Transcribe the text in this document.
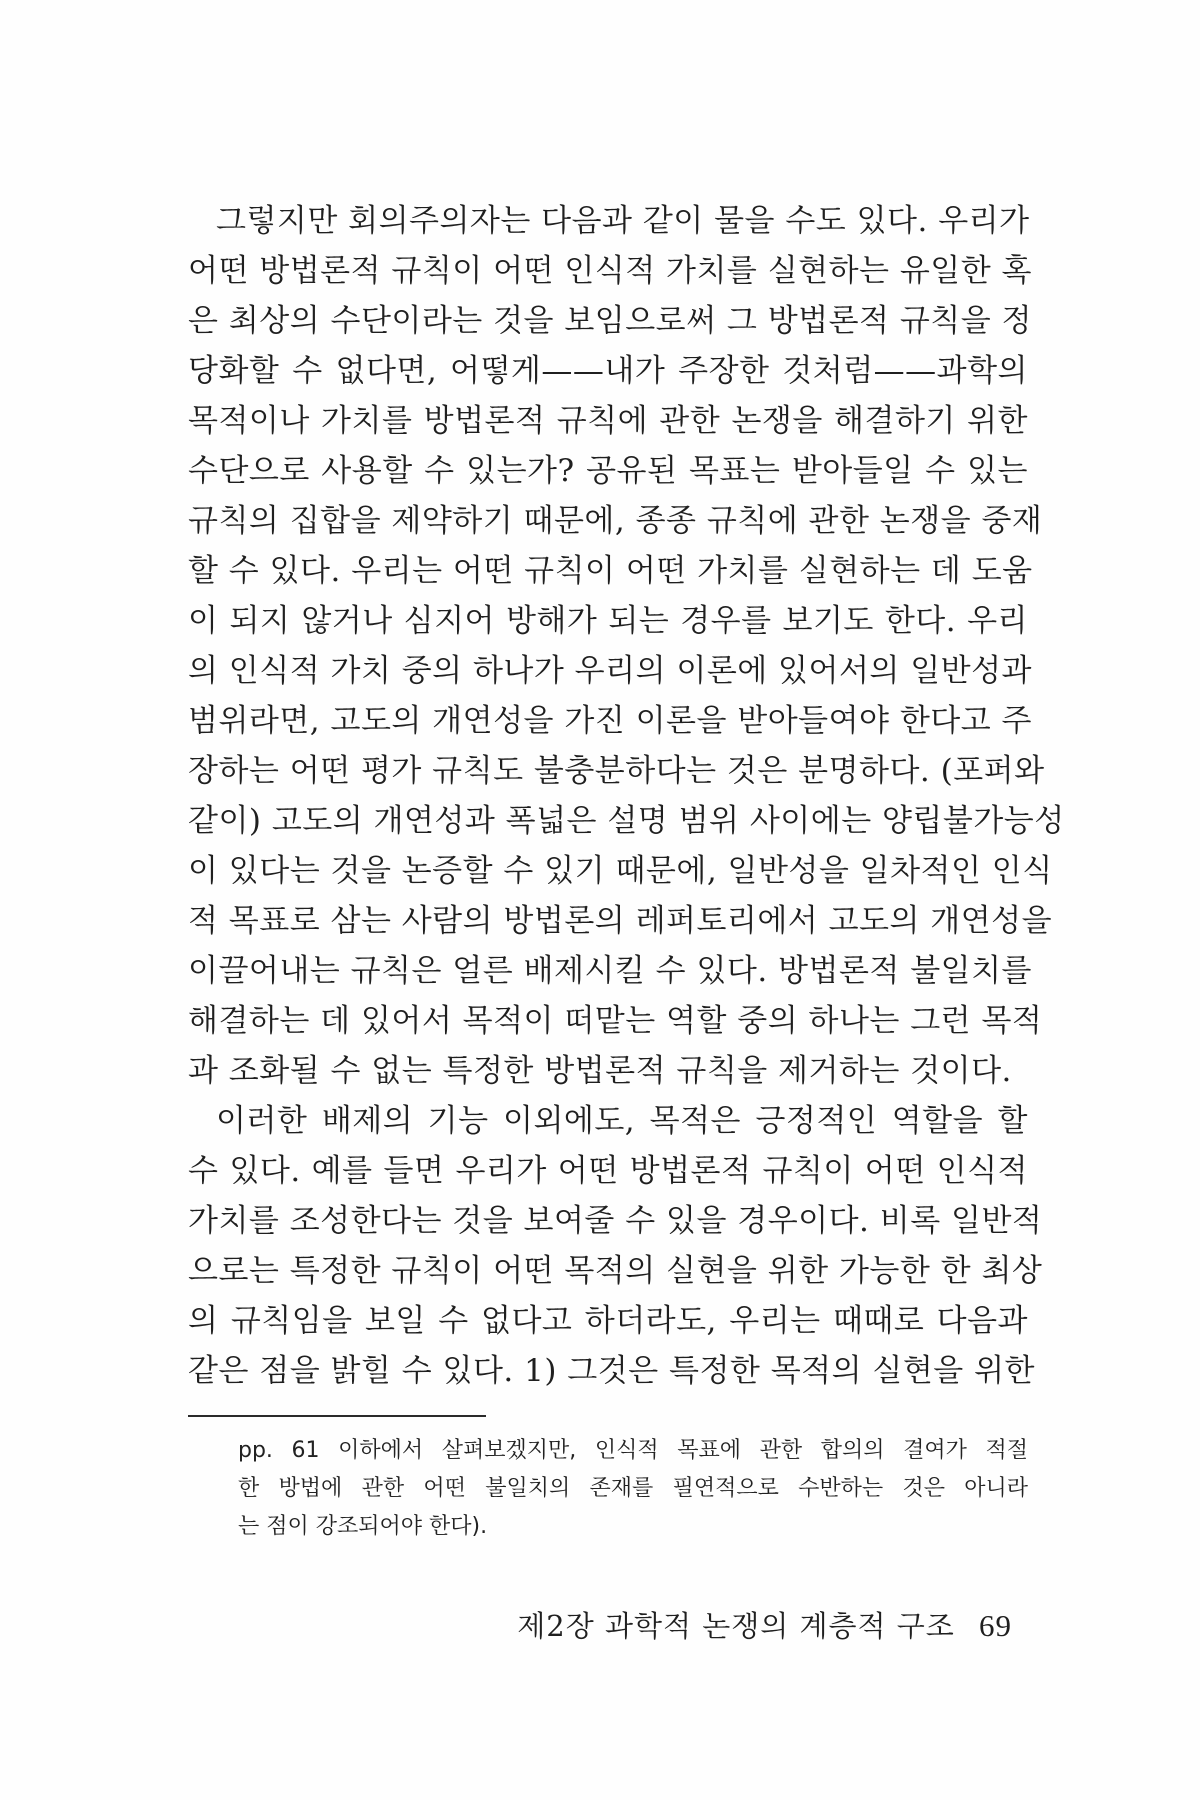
그렇지만 회의주의자는 다음과 같이 물을 수도 있다. 우리가
어떤 방법론적 규칙이 어떤 인식적 가치를 실현하는 유일한 혹
은 최상의 수단이라는 것을 보임으로써 그 방법론적 규칙을 정
당화할 수 없다면, 어떻게——내가 주장한 것처럼——과학의
목적이나 가치를 방법론적 규칙에 관한 논쟁을 해결하기 위한
수단으로 사용할 수 있는가? 공유된 목표는 받아들일 수 있는
규칙의 집합을 제약하기 때문에, 종종 규칙에 관한 논쟁을 중재
할 수 있다. 우리는 어떤 규칙이 어떤 가치를 실현하는 데 도움
이 되지 않거나 심지어 방해가 되는 경우를 보기도 한다. 우리
의 인식적 가치 중의 하나가 우리의 이론에 있어서의 일반성과
범위라면, 고도의 개연성을 가진 이론을 받아들여야 한다고 주
장하는 어떤 평가 규칙도 불충분하다는 것은 분명하다. (포퍼와
같이) 고도의 개연성과 폭넓은 설명 범위 사이에는 양립불가능성
이 있다는 것을 논증할 수 있기 때문에, 일반성을 일차적인 인식
적 목표로 삼는 사람의 방법론의 레퍼토리에서 고도의 개연성을
이끌어내는 규칙은 얼른 배제시킬 수 있다. 방법론적 불일치를
해결하는 데 있어서 목적이 떠맡는 역할 중의 하나는 그런 목적
과 조화될 수 없는 특정한 방법론적 규칙을 제거하는 것이다.
이러한 배제의 기능 이외에도, 목적은 긍정적인 역할을 할
수 있다. 예를 들면 우리가 어떤 방법론적 규칙이 어떤 인식적
가치를 조성한다는 것을 보여줄 수 있을 경우이다. 비록 일반적
으로는 특정한 규칙이 어떤 목적의 실현을 위한 가능한 한 최상
의 규칙임을 보일 수 없다고 하더라도, 우리는 때때로 다음과
같은 점을 밝힐 수 있다. 1) 그것은 특정한 목적의 실현을 위한
pp. 61 이하에서 살펴보겠지만, 인식적 목표에 관한 합의의 결여가 적절
한 방법에 관한 어떤 불일치의 존재를 필연적으로 수반하는 것은 아니라
는 점이 강조되어야 한다).
제2장 과학적 논쟁의 계층적 구조 69
